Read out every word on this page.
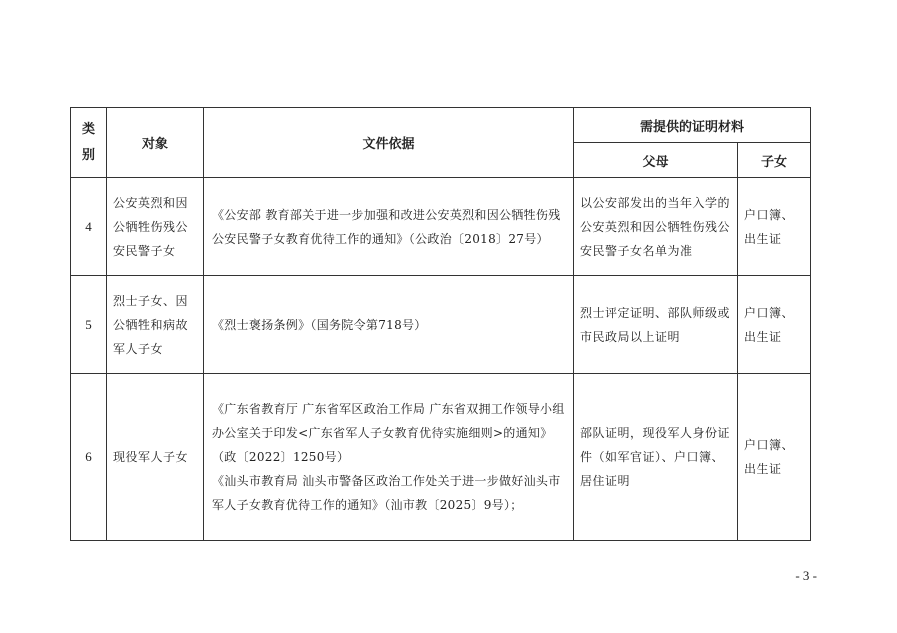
类
别	对象	文件依据	需提供的证明材料	
			父母	子女
4	公安英烈和因公牺牲伤残公安民警子女	《公安部 教育部关于进一步加强和改进公安英烈和因公牺牲伤残公安民警子女教育优待工作的通知》（公政治〔2018〕27号）	以公安部发出的当年入学的公安英烈和因公牺牲伤残公安民警子女名单为准	户口簿、出生证
5	烈士子女、因公牺牲和病故军人子女	《烈士褒扬条例》（国务院令第718号）	烈士评定证明、部队师级或市民政局以上证明	户口簿、出生证
6	现役军人子女	《广东省教育厅 广东省军区政治工作局 广东省双拥工作领导小组办公室关于印发<广东省军人子女教育优待实施细则>的通知》（政〔2022〕1250号）
《汕头市教育局 汕头市警备区政治工作处关于进一步做好汕头市军人子女教育优待工作的通知》（汕市教〔2025〕9号）；	部队证明，现役军人身份证件（如军官证）、户口簿、居住证明	户口簿、出生证
- 3 -
